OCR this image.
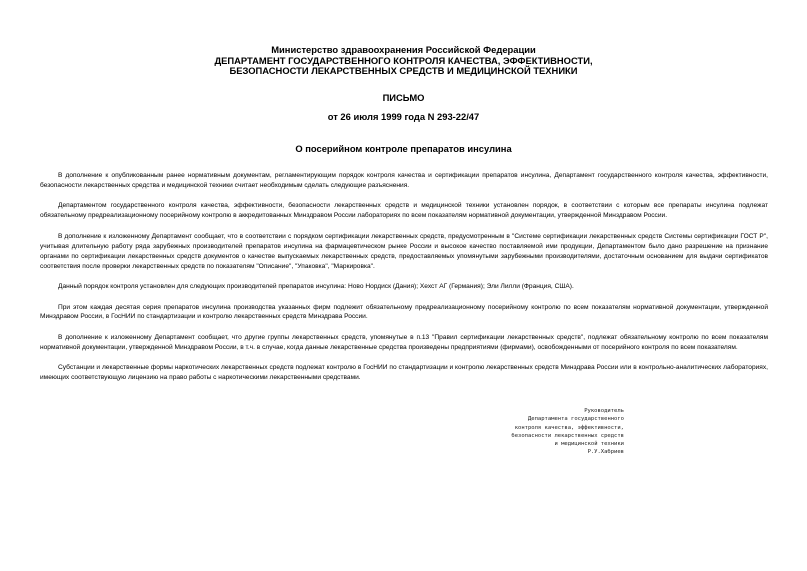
Министерство здравоохранения Российской Федерации
ДЕПАРТАМЕНТ ГОСУДАРСТВЕННОГО КОНТРОЛЯ КАЧЕСТВА, ЭФФЕКТИВНОСТИ,
БЕЗОПАСНОСТИ ЛЕКАРСТВЕННЫХ СРЕДСТВ И МЕДИЦИНСКОЙ ТЕХНИКИ
ПИСЬМО
от 26 июля 1999 года N 293-22/47
О посерийном контроле препаратов инсулина

В дополнение к опубликованным ранее нормативным документам, регламентирующим порядок контроля качества и сертификации препаратов инсулина, Департамент государственного контроля качества, эффективности, безопасности лекарственных средства и медицинской техники считает необходимым сделать следующие разъяснения.

Департаментом государственного контроля качества, эффективности, безопасности лекарственных средств и медицинской техники установлен порядок, в соответствии с которым все препараты инсулина подлежат обязательному предреализационному посерийному контролю в аккредитованных Минздравом России лабораториях по всем показателям нормативной документации, утвержденной Минздравом России.

В дополнение к изложенному Департамент сообщает, что в соответствии с порядком сертификации лекарственных средств, предусмотренным в "Системе сертификации лекарственных средств Системы сертификации ГОСТ Р", учитывая длительную работу ряда зарубежных производителей препаратов инсулина на фармацевтическом рынке России и высокое качество поставляемой ими продукции, Департаментом было дано разрешение на признание органами по сертификации лекарственных средств документов о качестве выпускаемых лекарственных средств, предоставляемых упомянутыми зарубежными производителями, достаточным основанием для выдачи сертификатов соответствия после проверки лекарственных средств по показателям "Описание", "Упаковка", "Маркировка".

Данный порядок контроля установлен для следующих производителей препаратов инсулина: Ново Нордиск (Дания); Хехст АГ (Германия); Эли Лилли (Франция, США).

При этом каждая десятая серия препаратов инсулина производства указанных фирм подлежит обязательному предреализационному посерийному контролю по всем показателям нормативной документации, утвержденной Минздравом России, в ГосНИИ по стандартизации и контролю лекарственных средств Минздрава России.

В дополнение к изложенному Департамент сообщает, что другие группы лекарственных средств, упомянутые в п.13 "Правил сертификации лекарственных средств", подлежат обязательному контролю по всем показателям нормативной документации, утвержденной Минздравом России, в т.ч. в случае, когда данные лекарственные средства произведены предприятиями (фирмами), освобожденными от посерийного контроля по всем показателям.

Субстанции и лекарственные формы наркотических лекарственных средств подлежат контролю в ГосНИИ по стандартизации и контролю лекарственных средств Минздрава России или в контрольно-аналитических лабораториях, имеющих соответствующую лицензию на право работы с наркотическими лекарственными средствами.

Руководитель
Департамента государственного
контроля качества, эффективности,
безопасности лекарственных средств
и медицинской техники
Р.У.Хабриев
